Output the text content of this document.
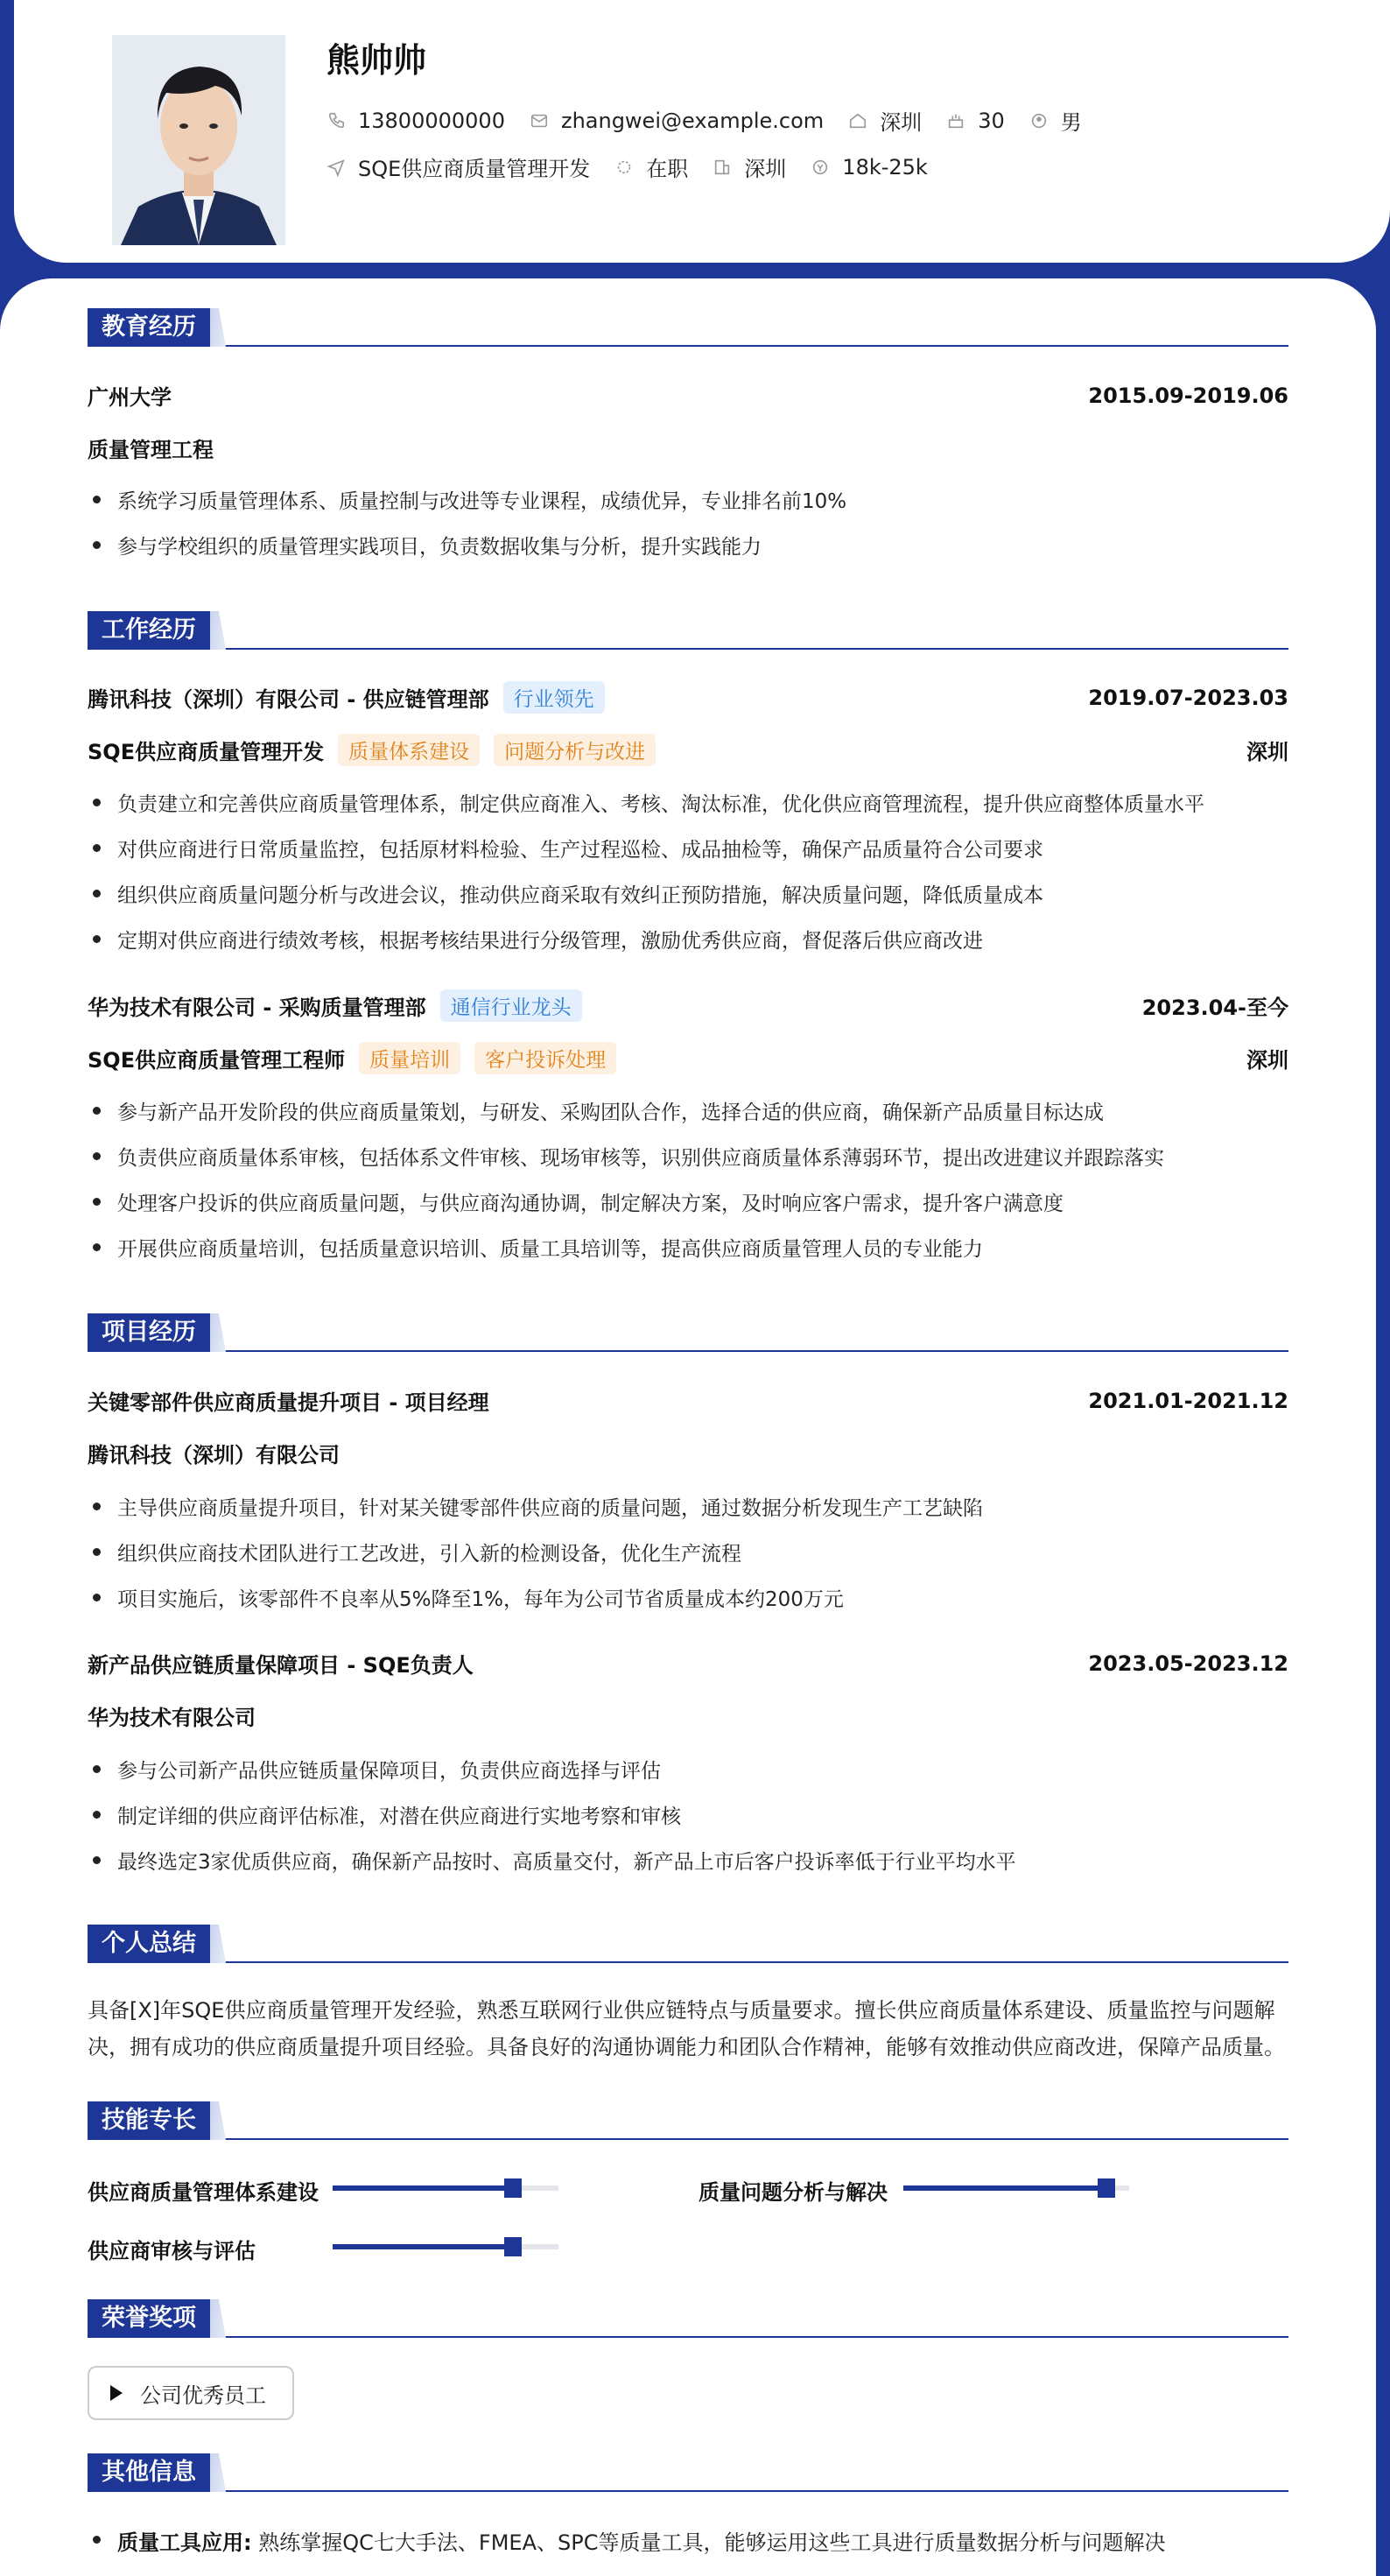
熊帅帅
13800000000	zhangwei@example.com	深圳	30	男
SQE供应商质量管理开发	在职	深圳	18k-25k
教育经历
广州大学	2015.09-2019.06
质量管理工程
系统学习质量管理体系、质量控制与改进等专业课程，成绩优异，专业排名前10%
参与学校组织的质量管理实践项目，负责数据收集与分析，提升实践能力
工作经历
腾讯科技（深圳）有限公司 - 供应链管理部	行业领先	2019.07-2023.03
SQE供应商质量管理开发	质量体系建设	问题分析与改进	深圳
负责建立和完善供应商质量管理体系，制定供应商准入、考核、淘汰标准，优化供应商管理流程，提升供应商整体质量水平
对供应商进行日常质量监控，包括原材料检验、生产过程巡检、成品抽检等，确保产品质量符合公司要求
组织供应商质量问题分析与改进会议，推动供应商采取有效纠正预防措施，解决质量问题，降低质量成本
定期对供应商进行绩效考核，根据考核结果进行分级管理，激励优秀供应商，督促落后供应商改进
华为技术有限公司 - 采购质量管理部	通信行业龙头	2023.04-至今
SQE供应商质量管理工程师	质量培训	客户投诉处理	深圳
参与新产品开发阶段的供应商质量策划，与研发、采购团队合作，选择合适的供应商，确保新产品质量目标达成
负责供应商质量体系审核，包括体系文件审核、现场审核等，识别供应商质量体系薄弱环节，提出改进建议并跟踪落实
处理客户投诉的供应商质量问题，与供应商沟通协调，制定解决方案，及时响应客户需求，提升客户满意度
开展供应商质量培训，包括质量意识培训、质量工具培训等，提高供应商质量管理人员的专业能力
项目经历
关键零部件供应商质量提升项目 - 项目经理	2021.01-2021.12
腾讯科技（深圳）有限公司
主导供应商质量提升项目，针对某关键零部件供应商的质量问题，通过数据分析发现生产工艺缺陷
组织供应商技术团队进行工艺改进，引入新的检测设备，优化生产流程
项目实施后，该零部件不良率从5%降至1%，每年为公司节省质量成本约200万元
新产品供应链质量保障项目 - SQE负责人	2023.05-2023.12
华为技术有限公司
参与公司新产品供应链质量保障项目，负责供应商选择与评估
制定详细的供应商评估标准，对潜在供应商进行实地考察和审核
最终选定3家优质供应商，确保新产品按时、高质量交付，新产品上市后客户投诉率低于行业平均水平
个人总结
具备[X]年SQE供应商质量管理开发经验，熟悉互联网行业供应链特点与质量要求。擅长供应商质量体系建设、质量监控与问题解决，拥有成功的供应商质量提升项目经验。具备良好的沟通协调能力和团队合作精神，能够有效推动供应商改进，保障产品质量。
技能专长
供应商质量管理体系建设	质量问题分析与解决
供应商审核与评估
荣誉奖项
公司优秀员工
其他信息
质量工具应用: 熟练掌握QC七大手法、FMEA、SPC等质量工具，能够运用这些工具进行质量数据分析与问题解决
